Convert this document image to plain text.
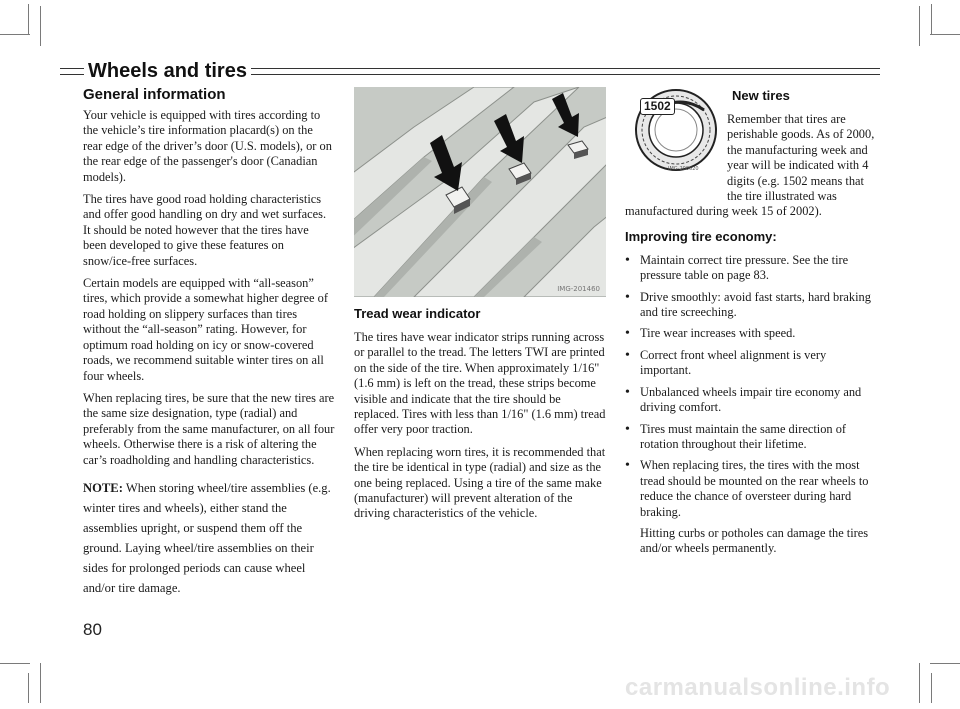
Wheels and tires
General information

Your vehicle is equipped with tires according to the vehicle’s tire information placard(s) on the rear edge of the driver’s door (U.S. models), or on the rear edge of the passenger's door (Canadian models).

The tires have good road holding characteristics and offer good handling on dry and wet surfaces. It should be noted however that the tires have been developed to give these features on snow/ice-free surfaces.

Certain models are equipped with “all-season” tires, which provide a somewhat higher degree of road holding on slippery surfaces than tires without the “all-season” rating. However, for optimum road holding on icy or snow-covered roads, we recommend suitable winter tires on all four wheels.

When replacing tires, be sure that the new tires are the same size designation, type (radial) and preferably from the same manufacturer, on all four wheels. Otherwise there is a risk of altering the car’s roadholding and handling characteristics.

NOTE: When storing wheel/tire assemblies (e.g. winter tires and wheels), either stand the assemblies upright, or suspend them off the ground. Laying wheel/tire assemblies on their sides for prolonged periods can cause wheel and/or tire damage.

IMG-201460
Tread wear indicator

The tires have wear indicator strips running across or parallel to the tread. The letters TWI are printed on the side of the tire. When approximately 1/16" (1.6 mm) is left on the tread, these strips become visible and indicate that the tire should be replaced. Tires with less than 1/16" (1.6 mm) tread offer very poor traction.

When replacing worn tires, it is recommended that the tire be identical in type (radial) and size as the one being replaced. Using a tire of the same make (manufacturer) will prevent alteration of the driving characteristics of the vehicle.

1502
IMG-200620
New tires

Remember that tires are perishable goods. As of 2000, the manufacturing week and year will be indicated with 4 digits (e.g. 1502 means that the tire illustrated was manufactured during week 15 of 2002).

Improving tire economy:
• Maintain correct tire pressure. See the tire pressure table on page 83.
• Drive smoothly: avoid fast starts, hard braking and tire screeching.
• Tire wear increases with speed.
• Correct front wheel alignment is very important.
• Unbalanced wheels impair tire economy and driving comfort.
• Tires must maintain the same direction of rotation throughout their lifetime.
• When replacing tires, the tires with the most tread should be mounted on the rear wheels to reduce the chance of oversteer during hard braking.
Hitting curbs or potholes can damage the tires and/or wheels permanently.
80
carmanualsonline.info
